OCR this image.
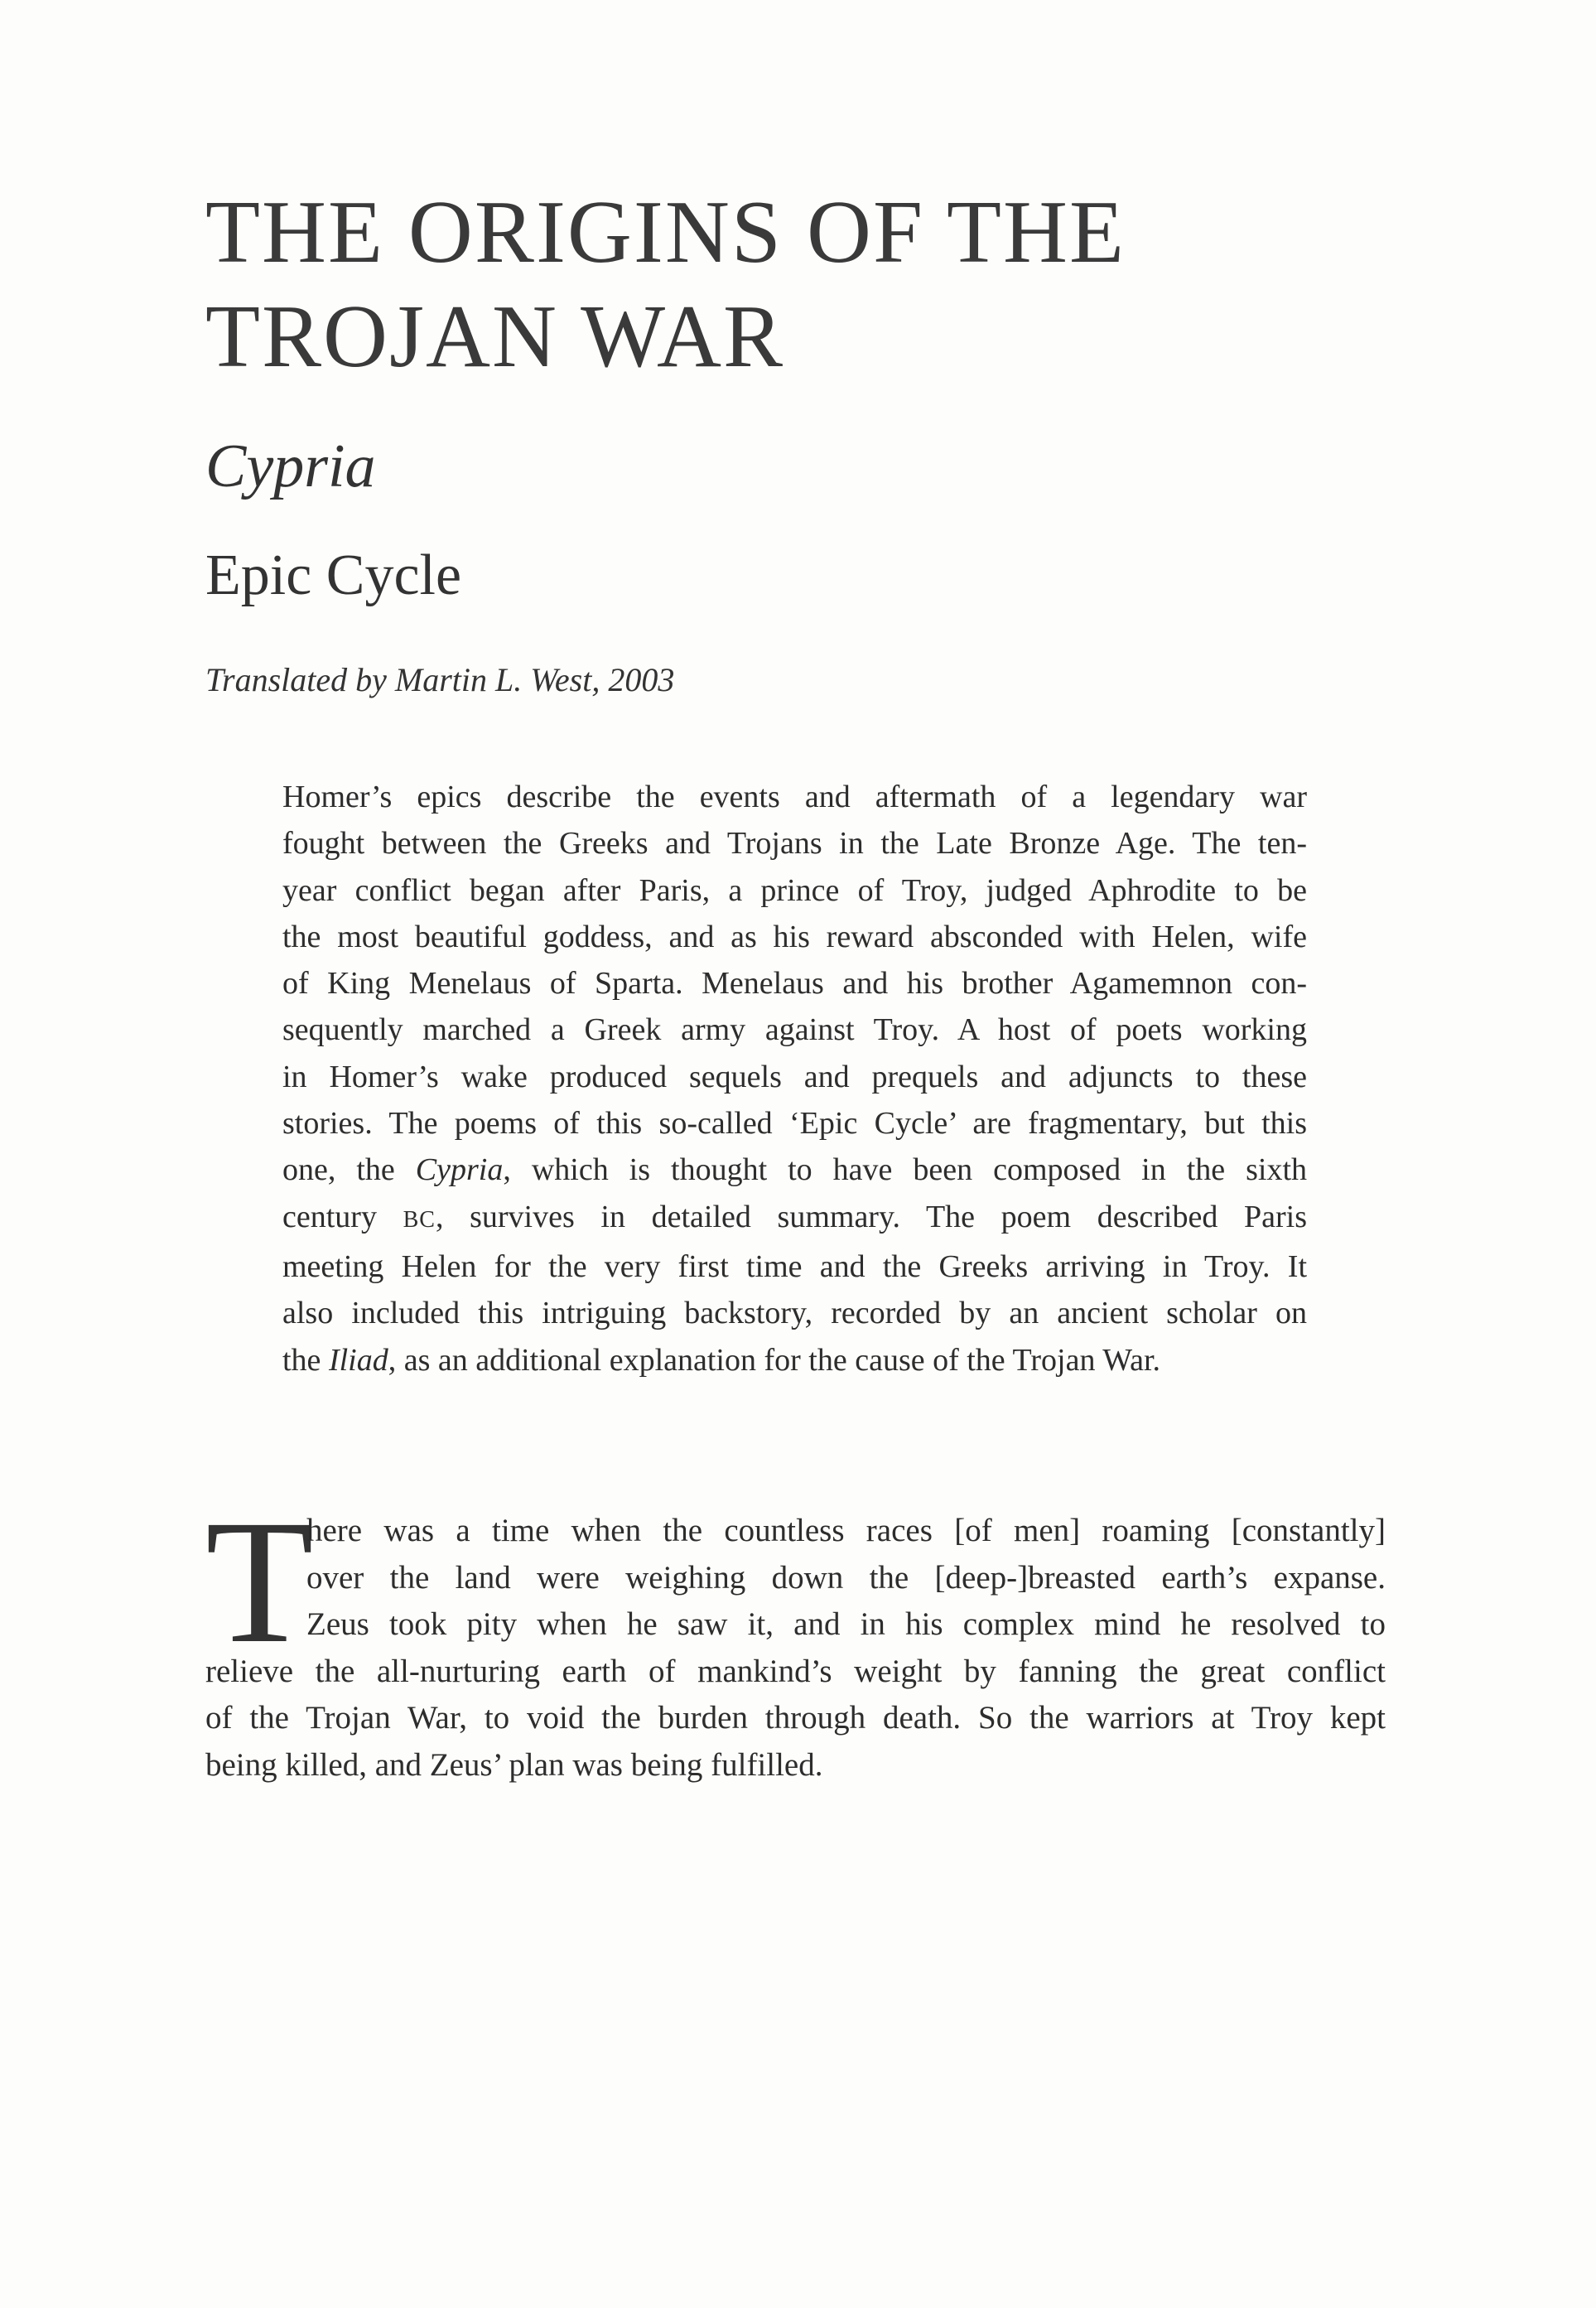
THE ORIGINS OF THE
TROJAN WAR
Cypria
Epic Cycle
Translated by Martin L. West, 2003
Homer’s epics describe the events and aftermath of a legendary war
fought between the Greeks and Trojans in the Late Bronze Age. The ten-
year conflict began after Paris, a prince of Troy, judged Aphrodite to be
the most beautiful goddess, and as his reward absconded with Helen, wife
of King Menelaus of Sparta. Menelaus and his brother Agamemnon con-
sequently marched a Greek army against Troy. A host of poets working
in Homer’s wake produced sequels and prequels and adjuncts to these
stories. The poems of this so-called ‘Epic Cycle’ are fragmentary, but this
one, the Cypria, which is thought to have been composed in the sixth
century BC, survives in detailed summary. The poem described Paris
meeting Helen for the very first time and the Greeks arriving in Troy. It
also included this intriguing backstory, recorded by an ancient scholar on
the Iliad, as an additional explanation for the cause of the Trojan War.
T
here was a time when the countless races [of men] roaming [constantly]
over the land were weighing down the [deep-]breasted earth’s expanse.
Zeus took pity when he saw it, and in his complex mind he resolved to
relieve the all-nurturing earth of mankind’s weight by fanning the great conflict
of the Trojan War, to void the burden through death. So the warriors at Troy kept
being killed, and Zeus’ plan was being fulfilled.
